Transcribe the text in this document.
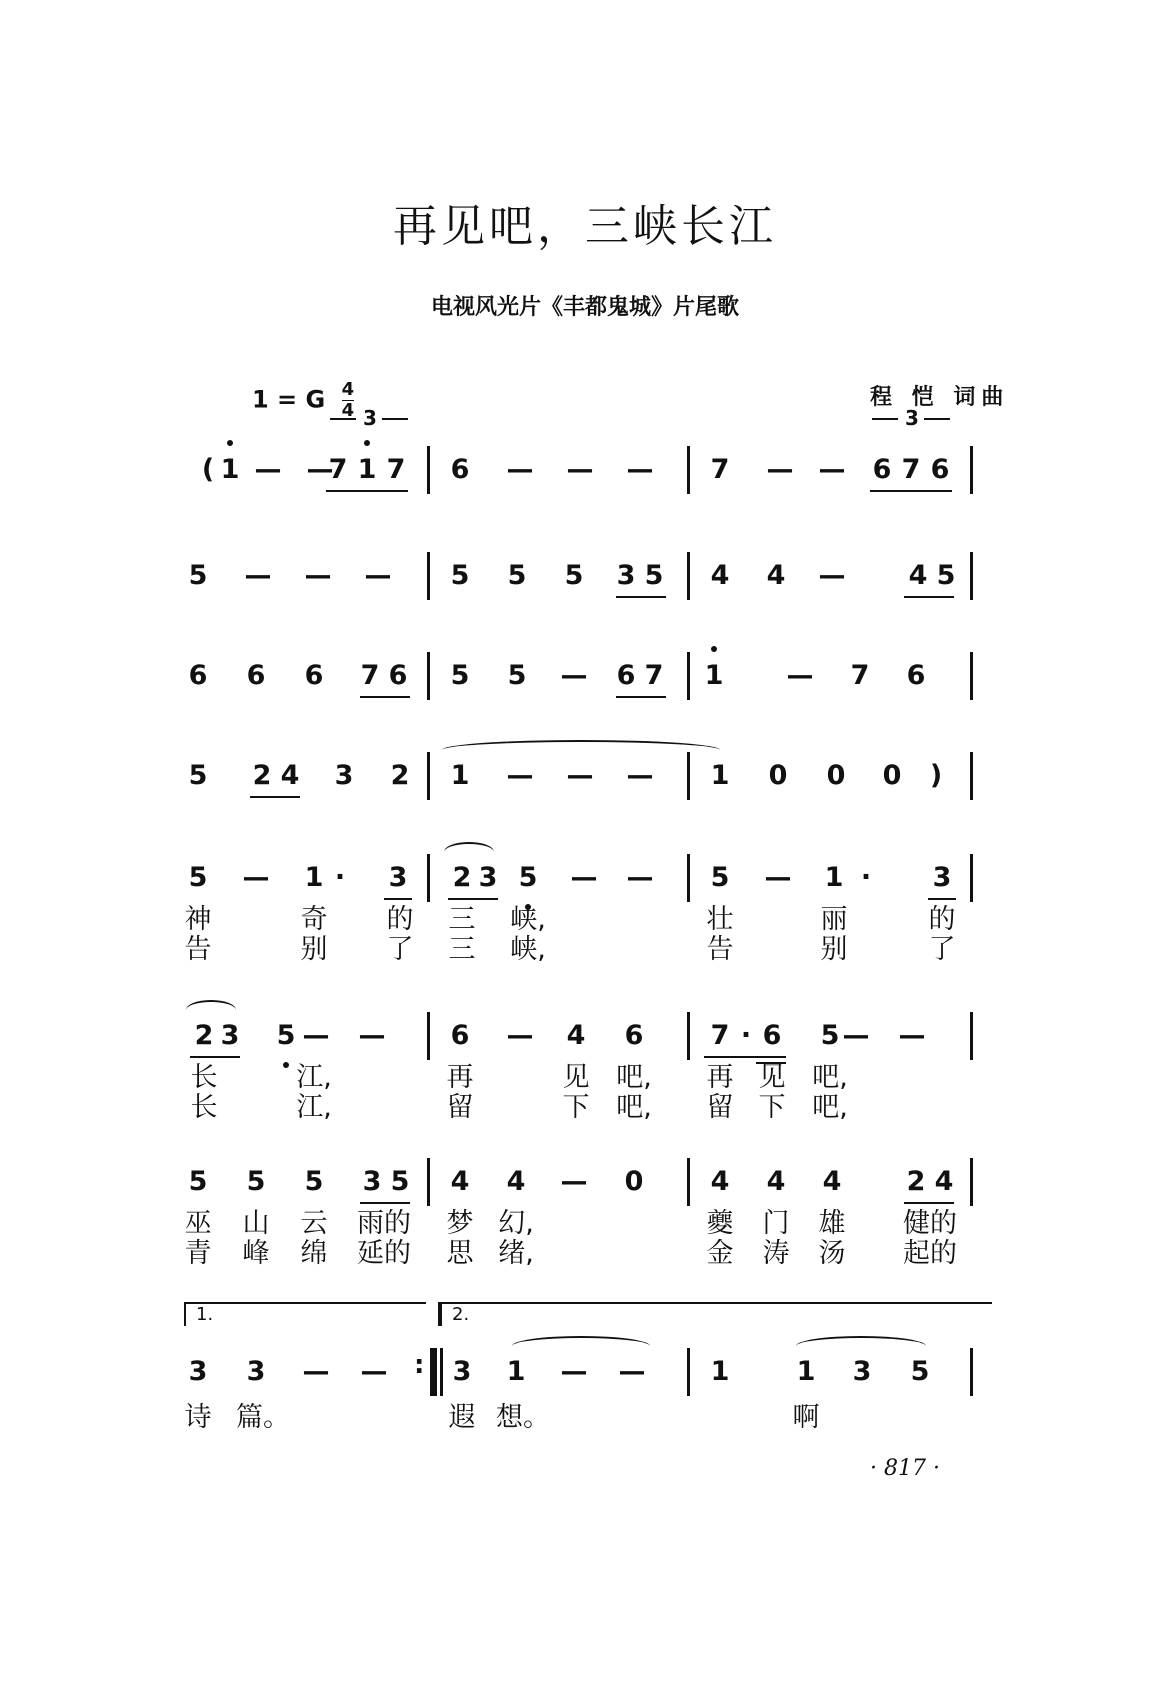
再见吧，三峡长江
电视风光片《丰都鬼城》片尾歌
1 = G $\frac{4}{4}$	程 恺 词曲
( 1 — —
3
7 1 7	6	— — —	7	— —
3
6 7 6
5	— — —	5	5	5	3 5	4	4	—	4 5
6	6	6	7 6	5	5	—	6 7	1	—	7	6
5	2 4	3	2	1	— — —	1	0	0	0	)
5	—	1 ·	3	2 3 5	— —	5	—	1 ·	3
神	奇 的 三 峡,	壮	丽	的
告	别 了 三 峡,	告	别	了
2 3	5 — —	6	—	4	6	7 · 6	5 — —
长	江,	再	见 吧, 再 见 吧,
长	江,	留	下 吧, 留 下 吧,
5	5	5	3 5	4	4	—	0	4	4	4	2 4
巫 山 云 雨的 梦 幻,	夔 门 雄 健的
青 峰 绵 延的 思 绪,	金 涛 汤 起的
1.	2.
3	3	— — :	3	1	— —	1	1	3	5
诗 篇。	遐 想。	啊
· 817 ·
